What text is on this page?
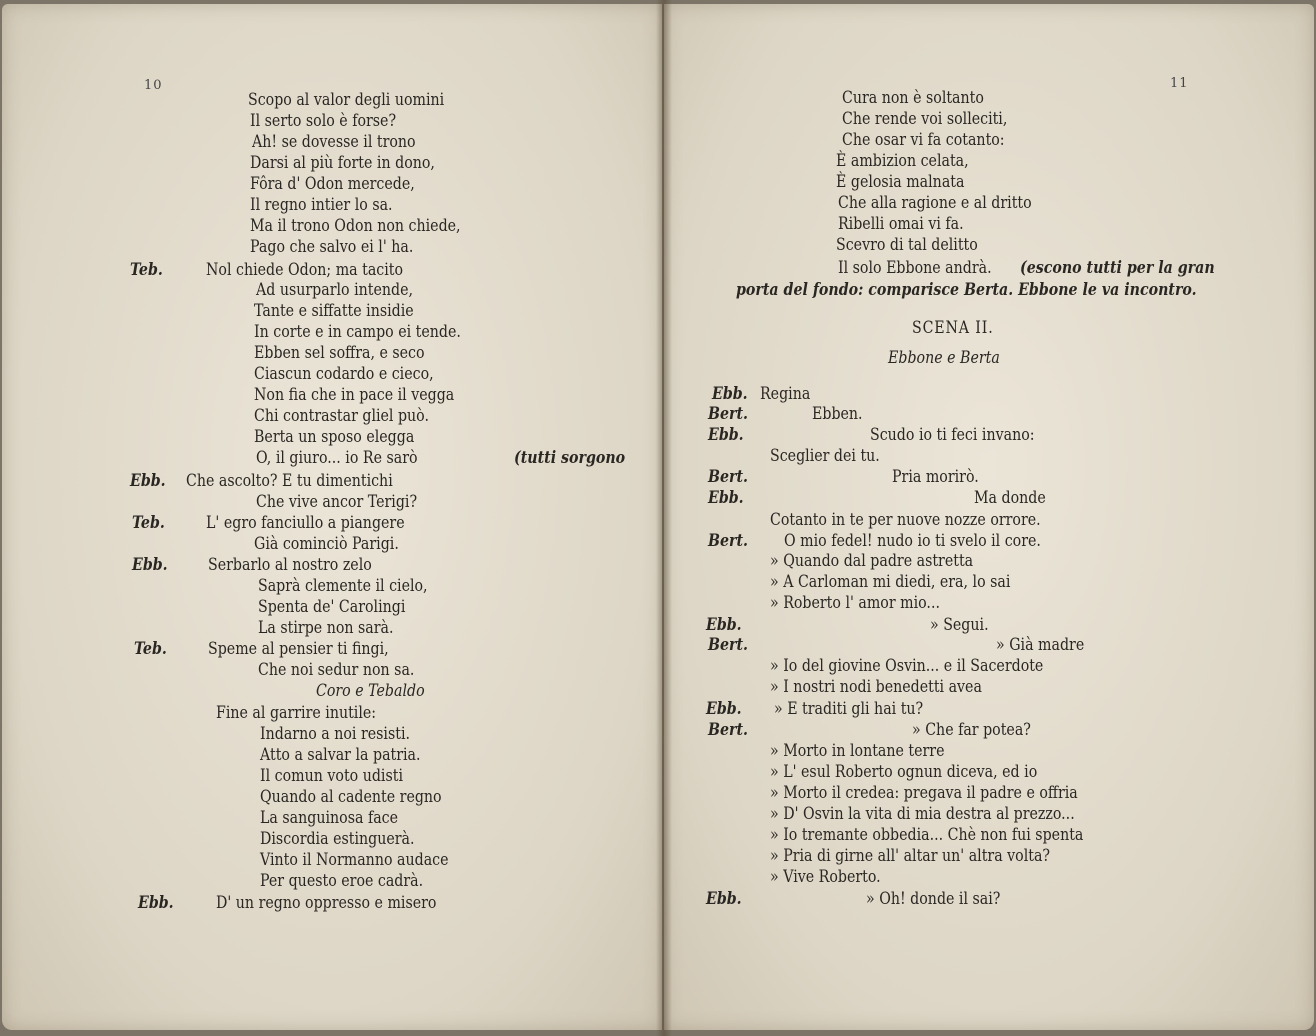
10
Scopo al valor degli uomini
Il serto solo è forse?
Ah! se dovesse il trono
Darsi al più forte in dono,
Fôra d' Odon mercede,
Il regno intier lo sa.
Ma il trono Odon non chiede,
Pago che salvo ei l' ha.
Teb.	Nol chiede Odon; ma tacito
Ad usurparlo intende,
Tante e siffatte insidie
In corte e in campo ei tende.
Ebben sel soffra, e seco
Ciascun codardo e cieco,
Non fia che in pace il vegga
Chi contrastar gliel può.
Berta un sposo elegga
O, il giuro... io Re sarò	(tutti sorgono
Ebb. Che ascolto? E tu dimentichi
Che vive ancor Terigi?
Teb. L' egro fanciullo a piangere
Già cominciò Parigi.
Ebb. Serbarlo al nostro zelo
Saprà clemente il cielo,
Spenta de' Carolingi
La stirpe non sarà.
Teb. Speme al pensier ti fingi,
Che noi sedur non sa.
Coro e Tebaldo
Fine al garrire inutile:
Indarno a noi resisti.
Atto a salvar la patria.
Il comun voto udisti
Quando al cadente regno
La sanguinosa face
Discordia estinguerà.
Vinto il Normanno audace
Per questo eroe cadrà.
Ebb.	D' un regno oppresso e misero
11
Cura non è soltanto
Che rende voi solleciti,
Che osar vi fa cotanto:
È ambizion celata,
È gelosia malnata
Che alla ragione e al dritto
Ribelli omai vi fa.
Scevro di tal delitto
Il solo Ebbone andrà. (escono tutti per la gran
porta del fondo: comparisce Berta. Ebbone le va incontro.
SCENA II.
Ebbone e Berta
Ebb. Regina
Bert.	Ebben.
Ebb.	Scudo io ti feci invano:
Sceglier dei tu.
Bert.	Pria morirò.
Ebb.	Ma donde
Cotanto in te per nuove nozze orrore.
Bert. O mio fedel! nudo io ti svelo il core.
» Quando dal padre astretta
» A Carloman mi diedi, era, lo sai
» Roberto l' amor mio...
Ebb.	» Segui.
Bert.	» Già madre
» Io del giovine Osvin... e il Sacerdote
» I nostri nodi benedetti avea
Ebb. » E traditi gli hai tu?
Bert.	» Che far potea?
» Morto in lontane terre
» L' esul Roberto ognun diceva, ed io
» Morto il credea: pregava il padre e offria
» D' Osvin la vita di mia destra al prezzo...
» Io tremante obbedia... Chè non fui spenta
» Pria di girne all' altar un' altra volta?
» Vive Roberto.
Ebb.	» Oh! donde il sai?
